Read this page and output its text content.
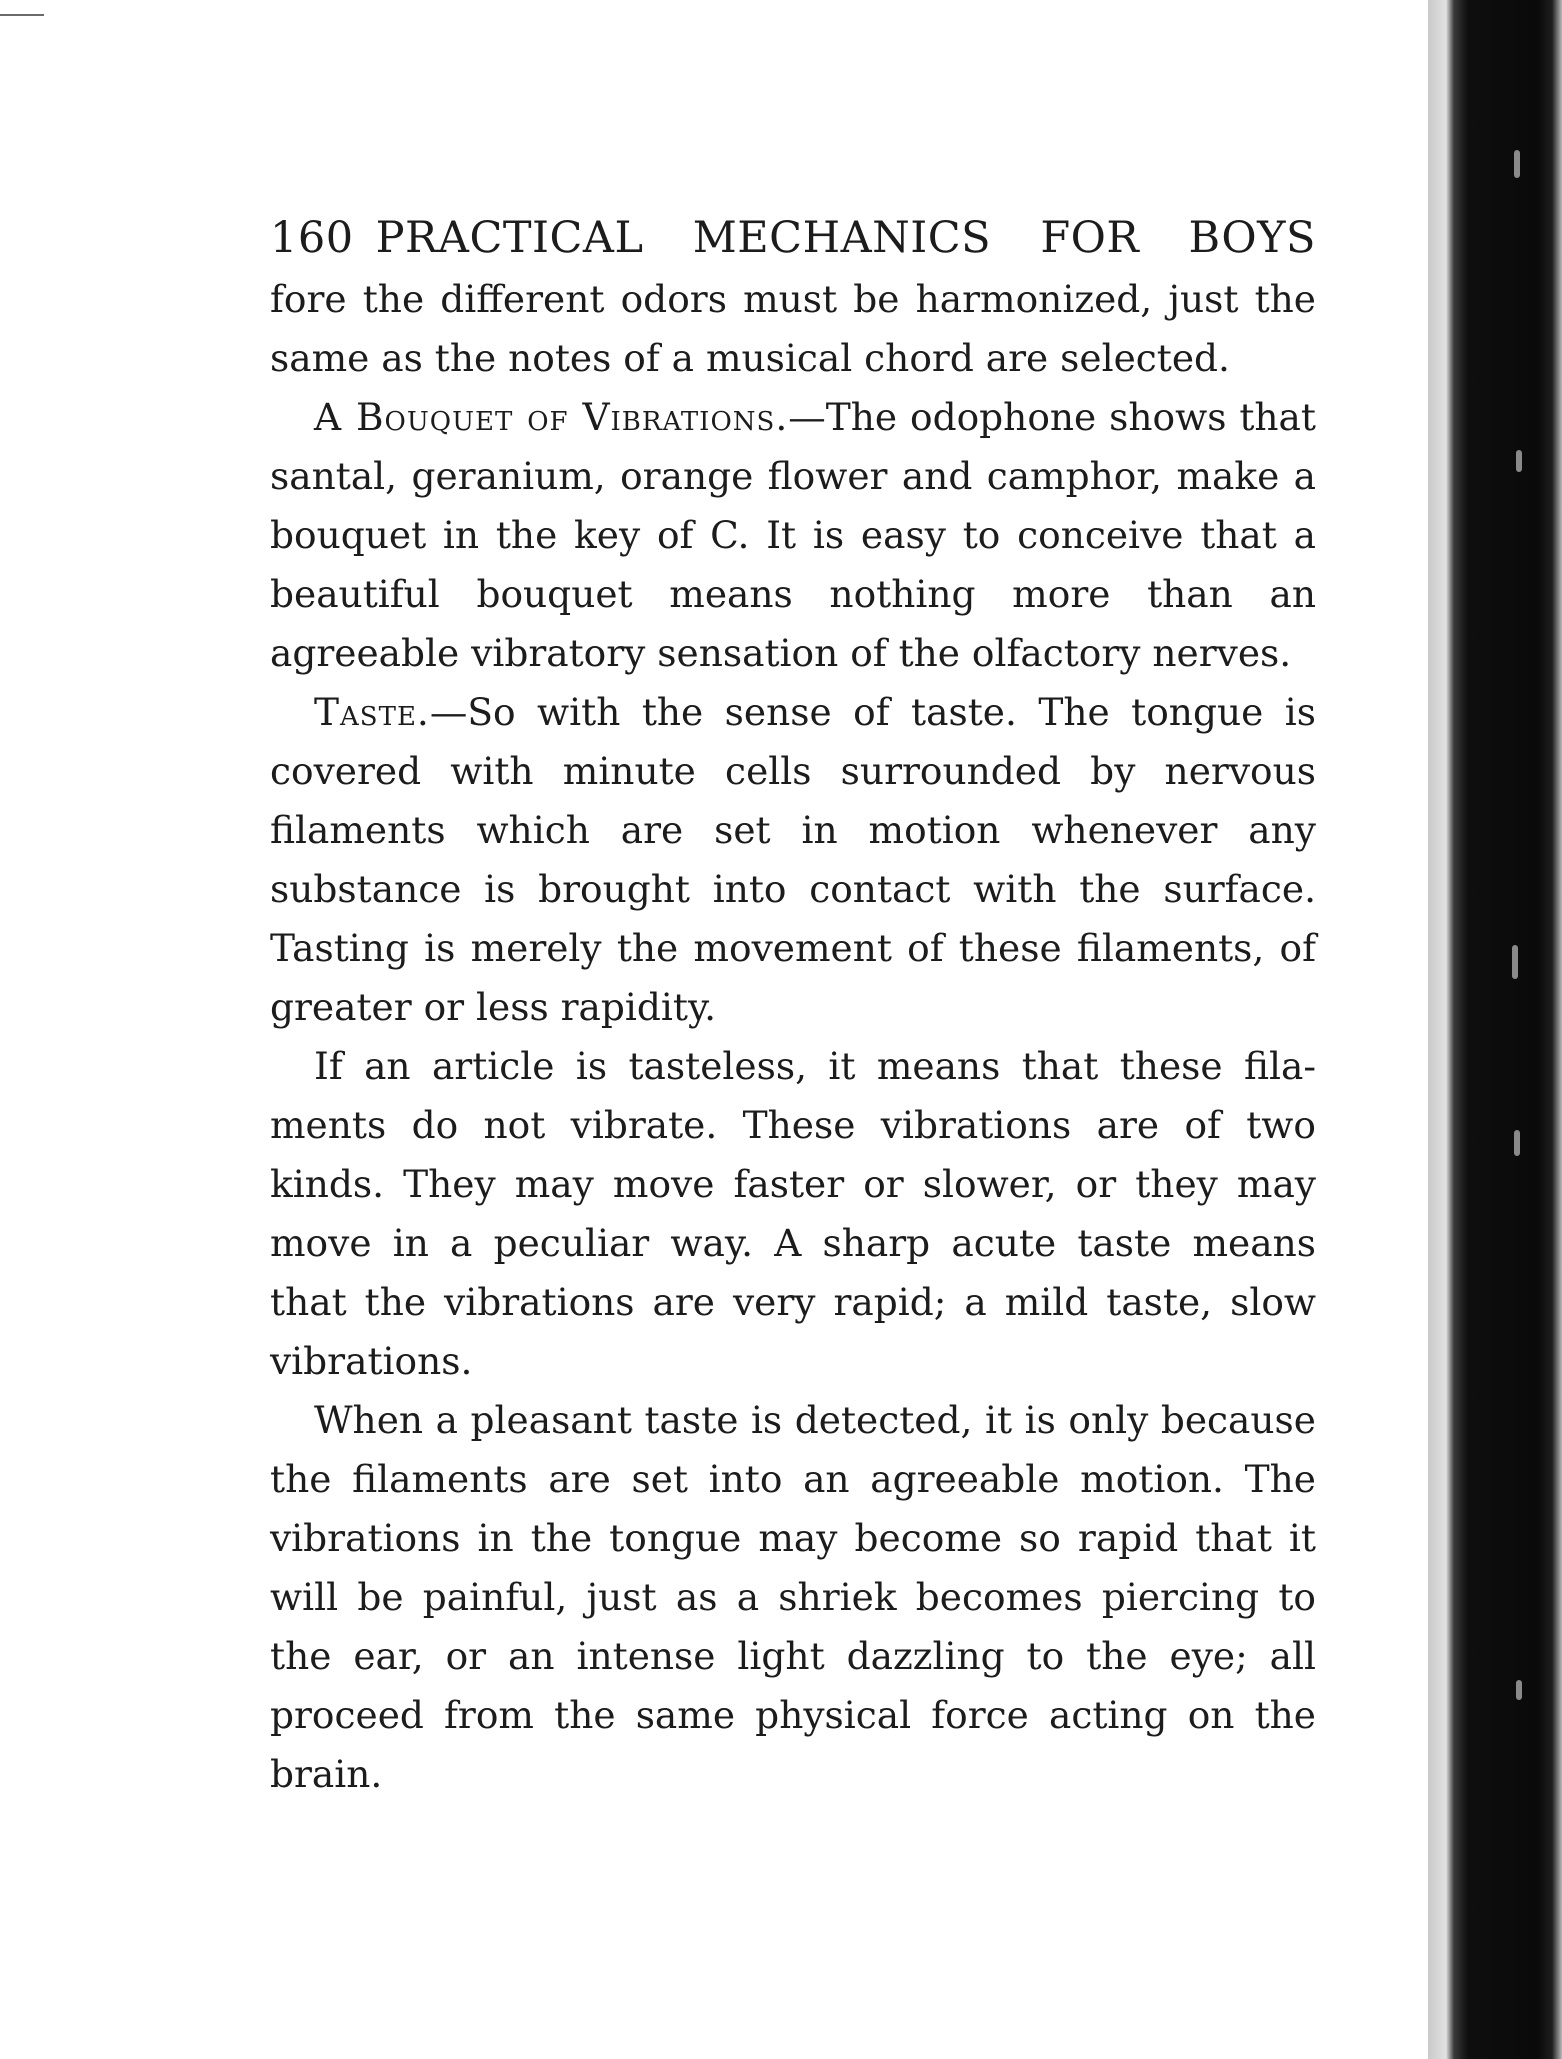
160 PRACTICAL MECHANICS FOR BOYS

fore the different odors must be harmonized, just the same as the notes of a musical chord are selected.

A Bouquet of Vibrations.—The odophone shows that santal, geranium, orange flower and camphor, make a bouquet in the key of C. It is easy to conceive that a beautiful bouquet means nothing more than an agreeable vibratory sensation of the olfactory nerves.

Taste.—So with the sense of taste. The tongue is covered with minute cells surrounded by nervous filaments which are set in motion whenever any substance is brought into contact with the surface. Tasting is merely the movement of these filaments, of greater or less rapidity.

If an article is tasteless, it means that these filaments do not vibrate. These vibrations are of two kinds. They may move faster or slower, or they may move in a peculiar way. A sharp acute taste means that the vibrations are very rapid; a mild taste, slow vibrations.

When a pleasant taste is detected, it is only because the filaments are set into an agreeable motion. The vibrations in the tongue may become so rapid that it will be painful, just as a shriek becomes piercing to the ear, or an intense light dazzling to the eye; all proceed from the same physical force acting on the brain.
